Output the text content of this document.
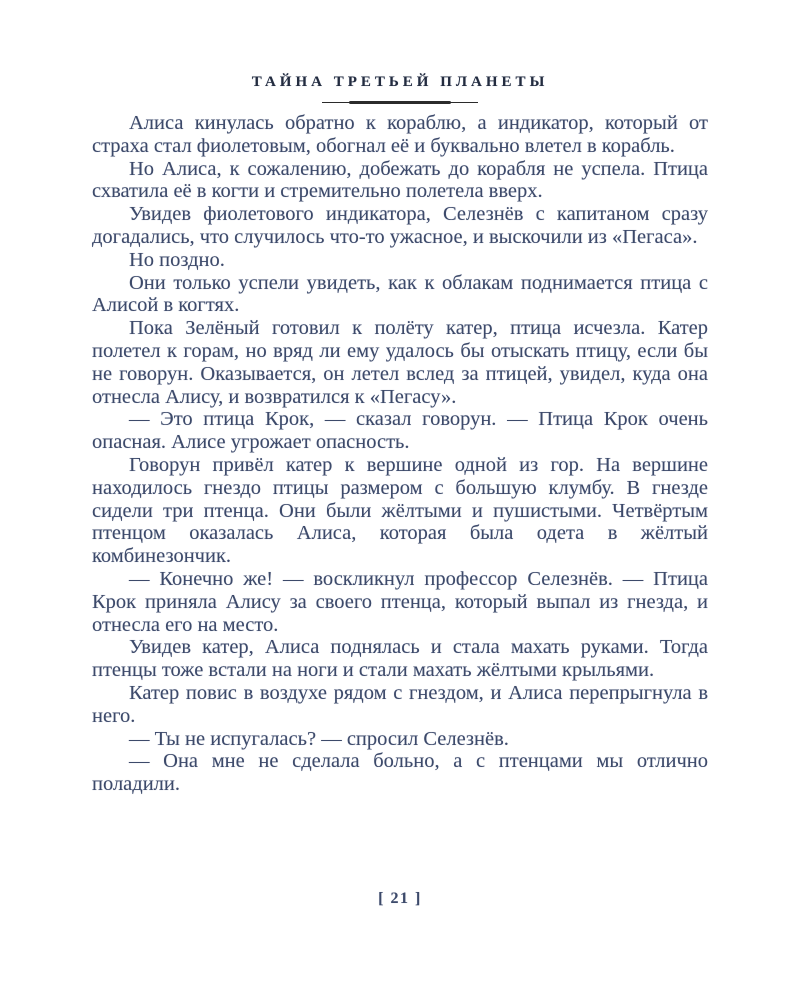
ТАЙНА ТРЕТЬЕЙ ПЛАНЕТЫ

Алиса кинулась обратно к кораблю, а индикатор, который от страха стал фиолетовым, обогнал её и буквально влетел в корабль.

Но Алиса, к сожалению, добежать до корабля не успела. Птица схватила её в когти и стремительно полетела вверх.

Увидев фиолетового индикатора, Селезнёв с капитаном сразу догадались, что случилось что-то ужасное, и выскочили из «Пегаса».

Но поздно.

Они только успели увидеть, как к облакам поднимается птица с Алисой в когтях.

Пока Зелёный готовил к полёту катер, птица исчезла. Катер полетел к горам, но вряд ли ему удалось бы отыскать птицу, если бы не говорун. Оказывается, он летел вслед за птицей, увидел, куда она отнесла Алису, и возвратился к «Пегасу».

— Это птица Крок, — сказал говорун. — Птица Крок очень опасная. Алисе угрожает опасность.

Говорун привёл катер к вершине одной из гор. На вершине находилось гнездо птицы размером с большую клумбу. В гнезде сидели три птенца. Они были жёлтыми и пушистыми. Четвёртым птенцом оказалась Алиса, которая была одета в жёлтый комбинезончик.

— Конечно же! — воскликнул профессор Селезнёв. — Птица Крок приняла Алису за своего птенца, который выпал из гнезда, и отнесла его на место.

Увидев катер, Алиса поднялась и стала махать руками. Тогда птенцы тоже встали на ноги и стали махать жёлтыми крыльями.

Катер повис в воздухе рядом с гнездом, и Алиса перепрыгнула в него.

— Ты не испугалась? — спросил Селезнёв.

— Она мне не сделала больно, а с птенцами мы отлично поладили.

[ 21 ]
